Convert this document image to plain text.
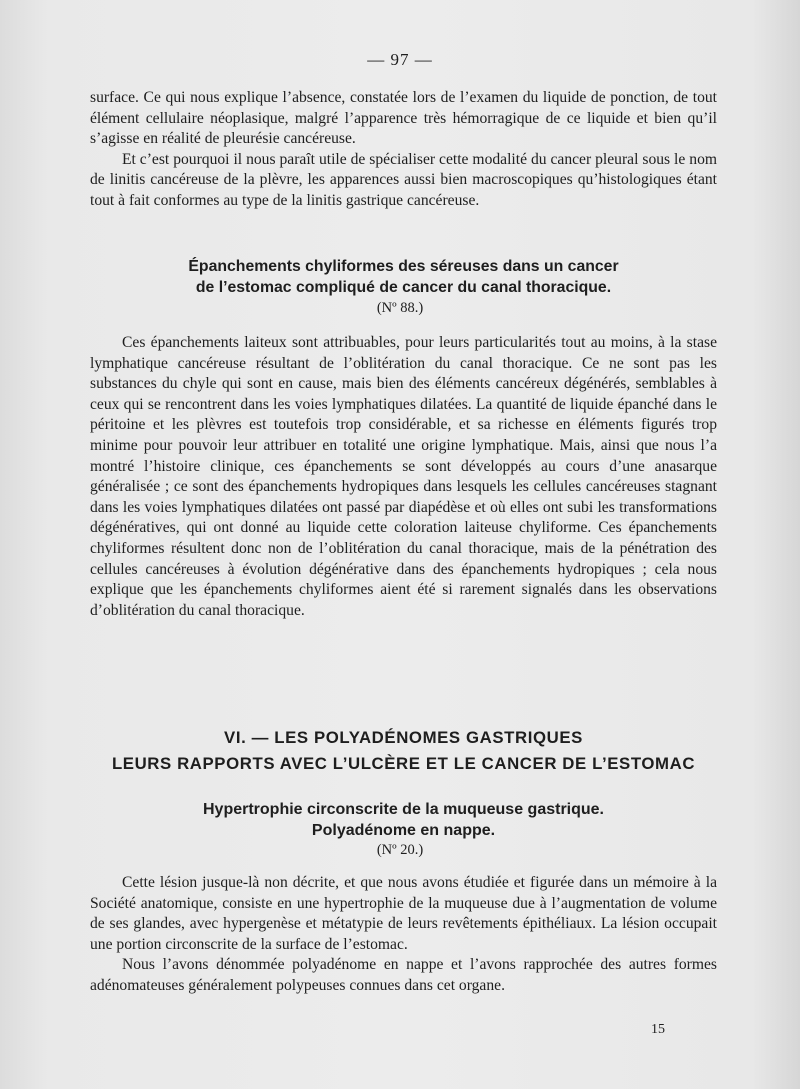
— 97 —

surface. Ce qui nous explique l’absence, constatée lors de l’examen du liquide de ponction, de tout élément cellulaire néoplasique, malgré l’apparence très hémorragique de ce liquide et bien qu’il s’agisse en réalité de pleurésie cancéreuse.

Et c’est pourquoi il nous paraît utile de spécialiser cette modalité du cancer pleural sous le nom de linitis cancéreuse de la plèvre, les apparences aussi bien macroscopiques qu’histologiques étant tout à fait conformes au type de la linitis gastrique cancéreuse.

Épanchements chyliformes des séreuses dans un cancer
de l’estomac compliqué de cancer du canal thoracique.
(Nº 88.)

Ces épanchements laiteux sont attribuables, pour leurs particularités tout au moins, à la stase lymphatique cancéreuse résultant de l’oblitération du canal thoracique. Ce ne sont pas les substances du chyle qui sont en cause, mais bien des éléments cancéreux dégénérés, semblables à ceux qui se rencontrent dans les voies lymphatiques dilatées. La quantité de liquide épanché dans le péritoine et les plèvres est toutefois trop considérable, et sa richesse en éléments figurés trop minime pour pouvoir leur attribuer en totalité une origine lymphatique. Mais, ainsi que nous l’a montré l’histoire clinique, ces épanchements se sont développés au cours d’une anasarque généralisée ; ce sont des épanchements hydropiques dans lesquels les cellules cancéreuses stagnant dans les voies lymphatiques dilatées ont passé par diapédèse et où elles ont subi les transformations dégénératives, qui ont donné au liquide cette coloration laiteuse chyliforme. Ces épanchements chyliformes résultent donc non de l’oblitération du canal thoracique, mais de la pénétration des cellules cancéreuses à évolution dégénérative dans des épanchements hydropiques ; cela nous explique que les épanchements chyliformes aient été si rarement signalés dans les observations d’oblitération du canal thoracique.

VI. — LES POLYADÉNOMES GASTRIQUES
LEURS RAPPORTS AVEC L’ULCÈRE ET LE CANCER DE L’ESTOMAC
Hypertrophie circonscrite de la muqueuse gastrique.
Polyadénome en nappe.
(Nº 20.)

Cette lésion jusque-là non décrite, et que nous avons étudiée et figurée dans un mémoire à la Société anatomique, consiste en une hypertrophie de la muqueuse due à l’augmentation de volume de ses glandes, avec hypergenèse et métatypie de leurs revêtements épithéliaux. La lésion occupait une portion circonscrite de la surface de l’estomac.

Nous l’avons dénommée polyadénome en nappe et l’avons rapprochée des autres formes adénomateuses généralement polypeuses connues dans cet organe.

15
